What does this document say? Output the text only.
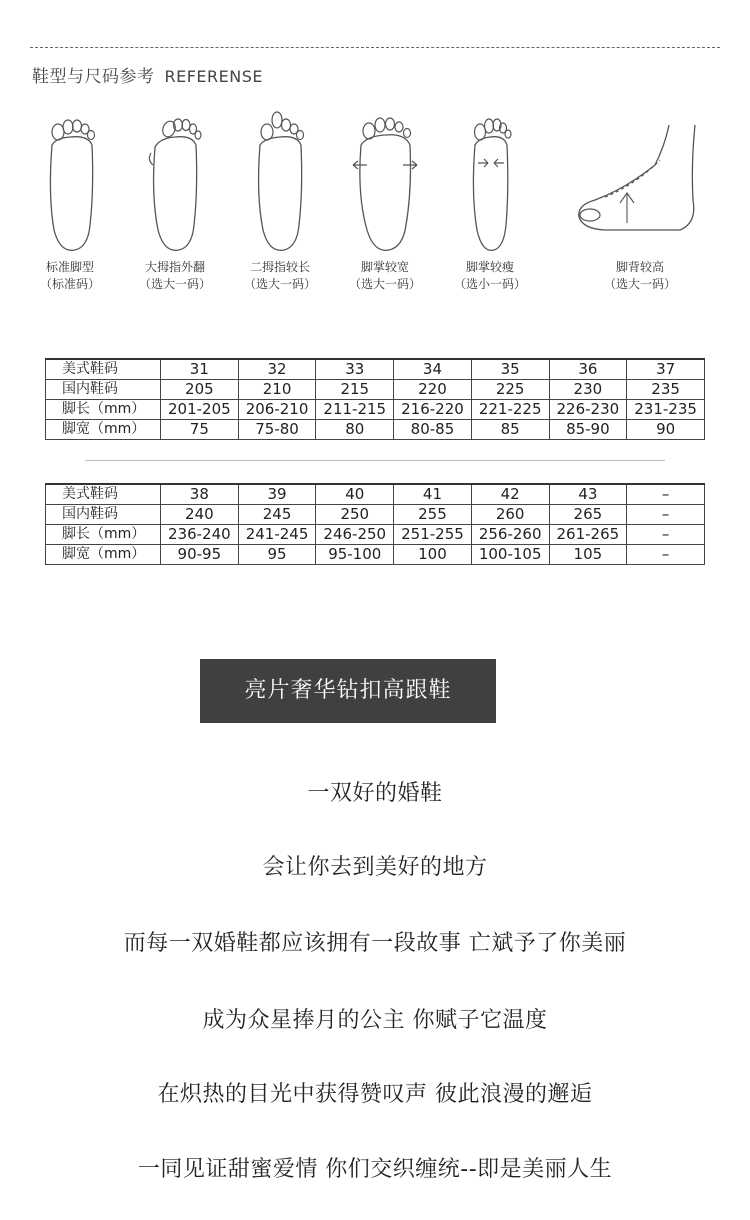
鞋型与尺码参考 REFERENSE
标准脚型
（标准码）
大拇指外翻
（选大一码）
二拇指较长
（选大一码）
脚掌较宽
（选大一码）
脚掌较瘦
（选小一码）
脚背较高
（选大一码）
美式鞋码	31	32	33	34	35	36	37
国内鞋码	205	210	215	220	225	230	235
脚长（mm）	201-205	206-210	211-215	216-220	221-225	226-230	231-235
脚宽（mm）	75	75-80	80	80-85	85	85-90	90
美式鞋码	38	39	40	41	42	43	–
国内鞋码	240	245	250	255	260	265	–
脚长（mm）	236-240	241-245	246-250	251-255	256-260	261-265	–
脚宽（mm）	90-95	95	95-100	100	100-105	105	–
亮片奢华钻扣高跟鞋
一双好的婚鞋
会让你去到美好的地方
而每一双婚鞋都应该拥有一段故事 亡斌予了你美丽
成为众星捧月的公主 你赋子它温度
在炽热的目光中获得赞叹声 彼此浪漫的邂逅
一同见证甜蜜爱情 你们交织缠统--即是美丽人生
